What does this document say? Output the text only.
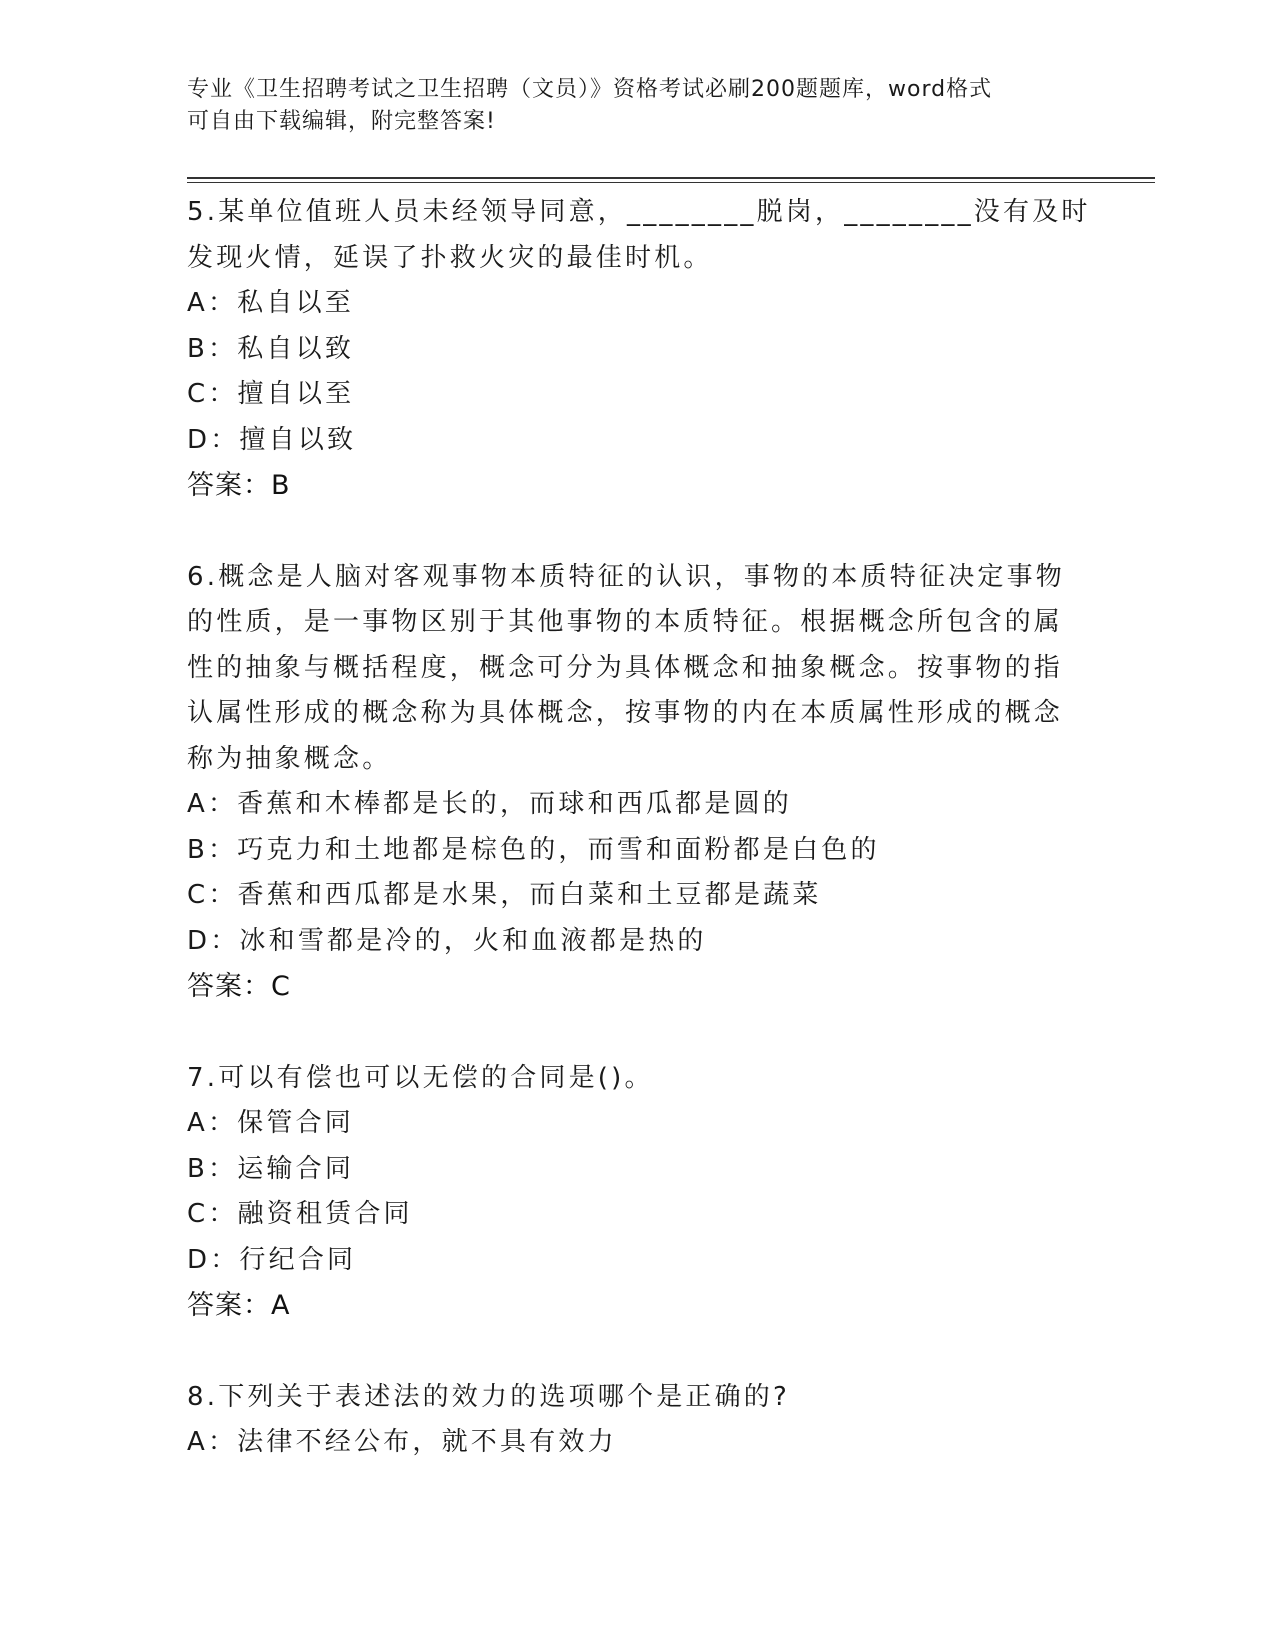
专业《卫生招聘考试之卫生招聘（文员）》资格考试必刷200题题库，word格式
可自由下载编辑，附完整答案!
5.某单位值班人员未经领导同意，________脱岗，________没有及时
发现火情，延误了扑救火灾的最佳时机。
A：私自以至
B：私自以致
C：擅自以至
D：擅自以致
答案：B
6.概念是人脑对客观事物本质特征的认识，事物的本质特征决定事物
的性质，是一事物区别于其他事物的本质特征。根据概念所包含的属
性的抽象与概括程度，概念可分为具体概念和抽象概念。按事物的指
认属性形成的概念称为具体概念，按事物的内在本质属性形成的概念
称为抽象概念。
A：香蕉和木棒都是长的，而球和西瓜都是圆的
B：巧克力和土地都是棕色的，而雪和面粉都是白色的
C：香蕉和西瓜都是水果，而白菜和土豆都是蔬菜
D：冰和雪都是冷的，火和血液都是热的
答案：C
7.可以有偿也可以无偿的合同是()。
A：保管合同
B：运输合同
C：融资租赁合同
D：行纪合同
答案：A
8.下列关于表述法的效力的选项哪个是正确的?
A：法律不经公布，就不具有效力
